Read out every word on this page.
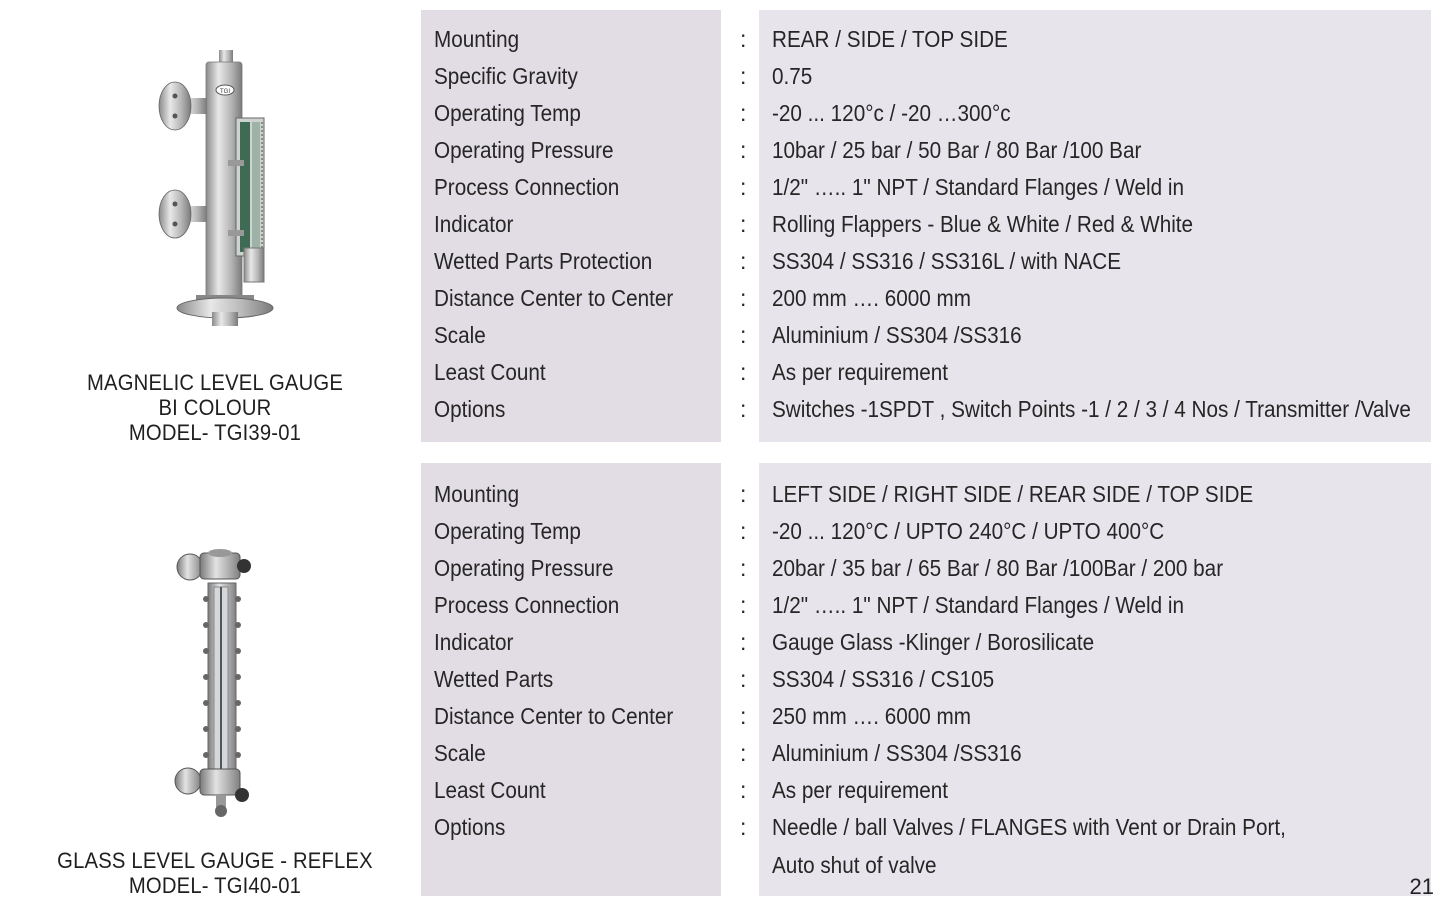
TGI
MAGNELIC LEVEL GAUGE
BI COLOUR
MODEL- TGI39-01
Mounting	: REAR / SIDE / TOP SIDE
Specific Gravity	: 0.75
Operating Temp	: -20 ... 120°c / -20 …300°c
Operating Pressure	: 10bar / 25 bar / 50 Bar / 80 Bar /100 Bar
Process Connection	: 1/2" ….. 1" NPT / Standard Flanges / Weld in
Indicator	: Rolling Flappers - Blue & White / Red & White
Wetted Parts Protection	: SS304 / SS316 / SS316L / with NACE
Distance Center to Center	: 200 mm …. 6000 mm
Scale	: Aluminium / SS304 /SS316
Least Count	: As per requirement
Options	: Switches -1SPDT , Switch Points -1 / 2 / 3 / 4 Nos / Transmitter /Valve
GLASS LEVEL GAUGE - REFLEX
MODEL- TGI40-01
Mounting	: LEFT SIDE / RIGHT SIDE / REAR SIDE / TOP SIDE
Operating Temp	: -20 ... 120°C / UPTO 240°C / UPTO 400°C
Operating Pressure	: 20bar / 35 bar / 65 Bar / 80 Bar /100Bar / 200 bar
Process Connection	: 1/2" ….. 1" NPT / Standard Flanges / Weld in
Indicator	: Gauge Glass -Klinger / Borosilicate
Wetted Parts	: SS304 / SS316 / CS105
Distance Center to Center	: 250 mm …. 6000 mm
Scale	: Aluminium / SS304 /SS316
Least Count	: As per requirement
Options	: Needle / ball Valves / FLANGES with Vent or Drain Port,
Auto shut of valve
21
